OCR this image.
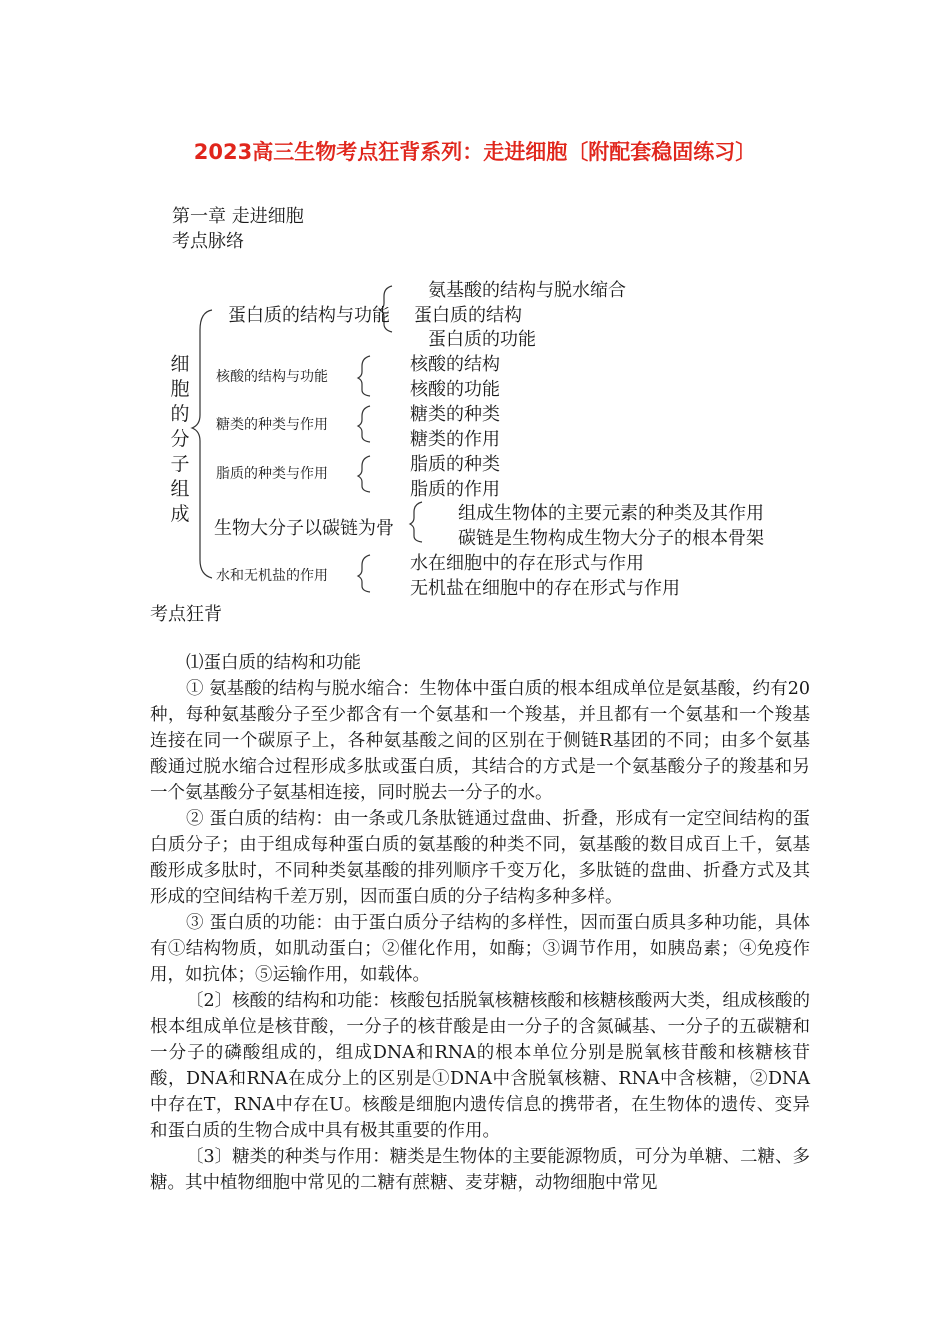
2023高三生物考点狂背系列：走进细胞〔附配套稳固练习〕
第一章 走进细胞
考点脉络
细
胞
的
分
子
组
成
蛋白质的结构与功能
氨基酸的结构与脱水缩合
蛋白质的结构
蛋白质的功能
核酸的结构与功能
核酸的结构
核酸的功能
糖类的种类与作用	糖类的种类
糖类的作用
脂质的种类与作用	脂质的种类
脂质的作用
生物大分子以碳链为骨
组成生物体的主要元素的种类及其作用
碳链是生物构成生物大分子的根本骨架
水和无机盐的作用
水在细胞中的存在形式与作用
无机盐在细胞中的存在形式与作用
考点狂背

⑴蛋白质的结构和功能

① 氨基酸的结构与脱水缩合：生物体中蛋白质的根本组成单位是氨基酸，约有20种，每种氨基酸分子至少都含有一个氨基和一个羧基，并且都有一个氨基和一个羧基连接在同一个碳原子上，各种氨基酸之间的区别在于侧链R基团的不同；由多个氨基酸通过脱水缩合过程形成多肽或蛋白质，其结合的方式是一个氨基酸分子的羧基和另一个氨基酸分子氨基相连接，同时脱去一分子的水。

② 蛋白质的结构：由一条或几条肽链通过盘曲、折叠，形成有一定空间结构的蛋白质分子；由于组成每种蛋白质的氨基酸的种类不同，氨基酸的数目成百上千，氨基酸形成多肽时，不同种类氨基酸的排列顺序千变万化，多肽链的盘曲、折叠方式及其形成的空间结构千差万别，因而蛋白质的分子结构多种多样。

③ 蛋白质的功能：由于蛋白质分子结构的多样性，因而蛋白质具多种功能，具体有①结构物质，如肌动蛋白；②催化作用，如酶；③调节作用，如胰岛素；④免疫作用，如抗体；⑤运输作用，如载体。

〔2〕核酸的结构和功能：核酸包括脱氧核糖核酸和核糖核酸两大类，组成核酸的根本组成单位是核苷酸，一分子的核苷酸是由一分子的含氮碱基、一分子的五碳糖和一分子的磷酸组成的，组成DNA和RNA的根本单位分别是脱氧核苷酸和核糖核苷酸，DNA和RNA在成分上的区别是①DNA中含脱氧核糖、RNA中含核糖，②DNA中存在T，RNA中存在U。核酸是细胞内遗传信息的携带者，在生物体的遗传、变异和蛋白质的生物合成中具有极其重要的作用。

〔3〕糖类的种类与作用：糖类是生物体的主要能源物质，可分为单糖、二糖、多糖。其中植物细胞中常见的二糖有蔗糖、麦芽糖，动物细胞中常见
